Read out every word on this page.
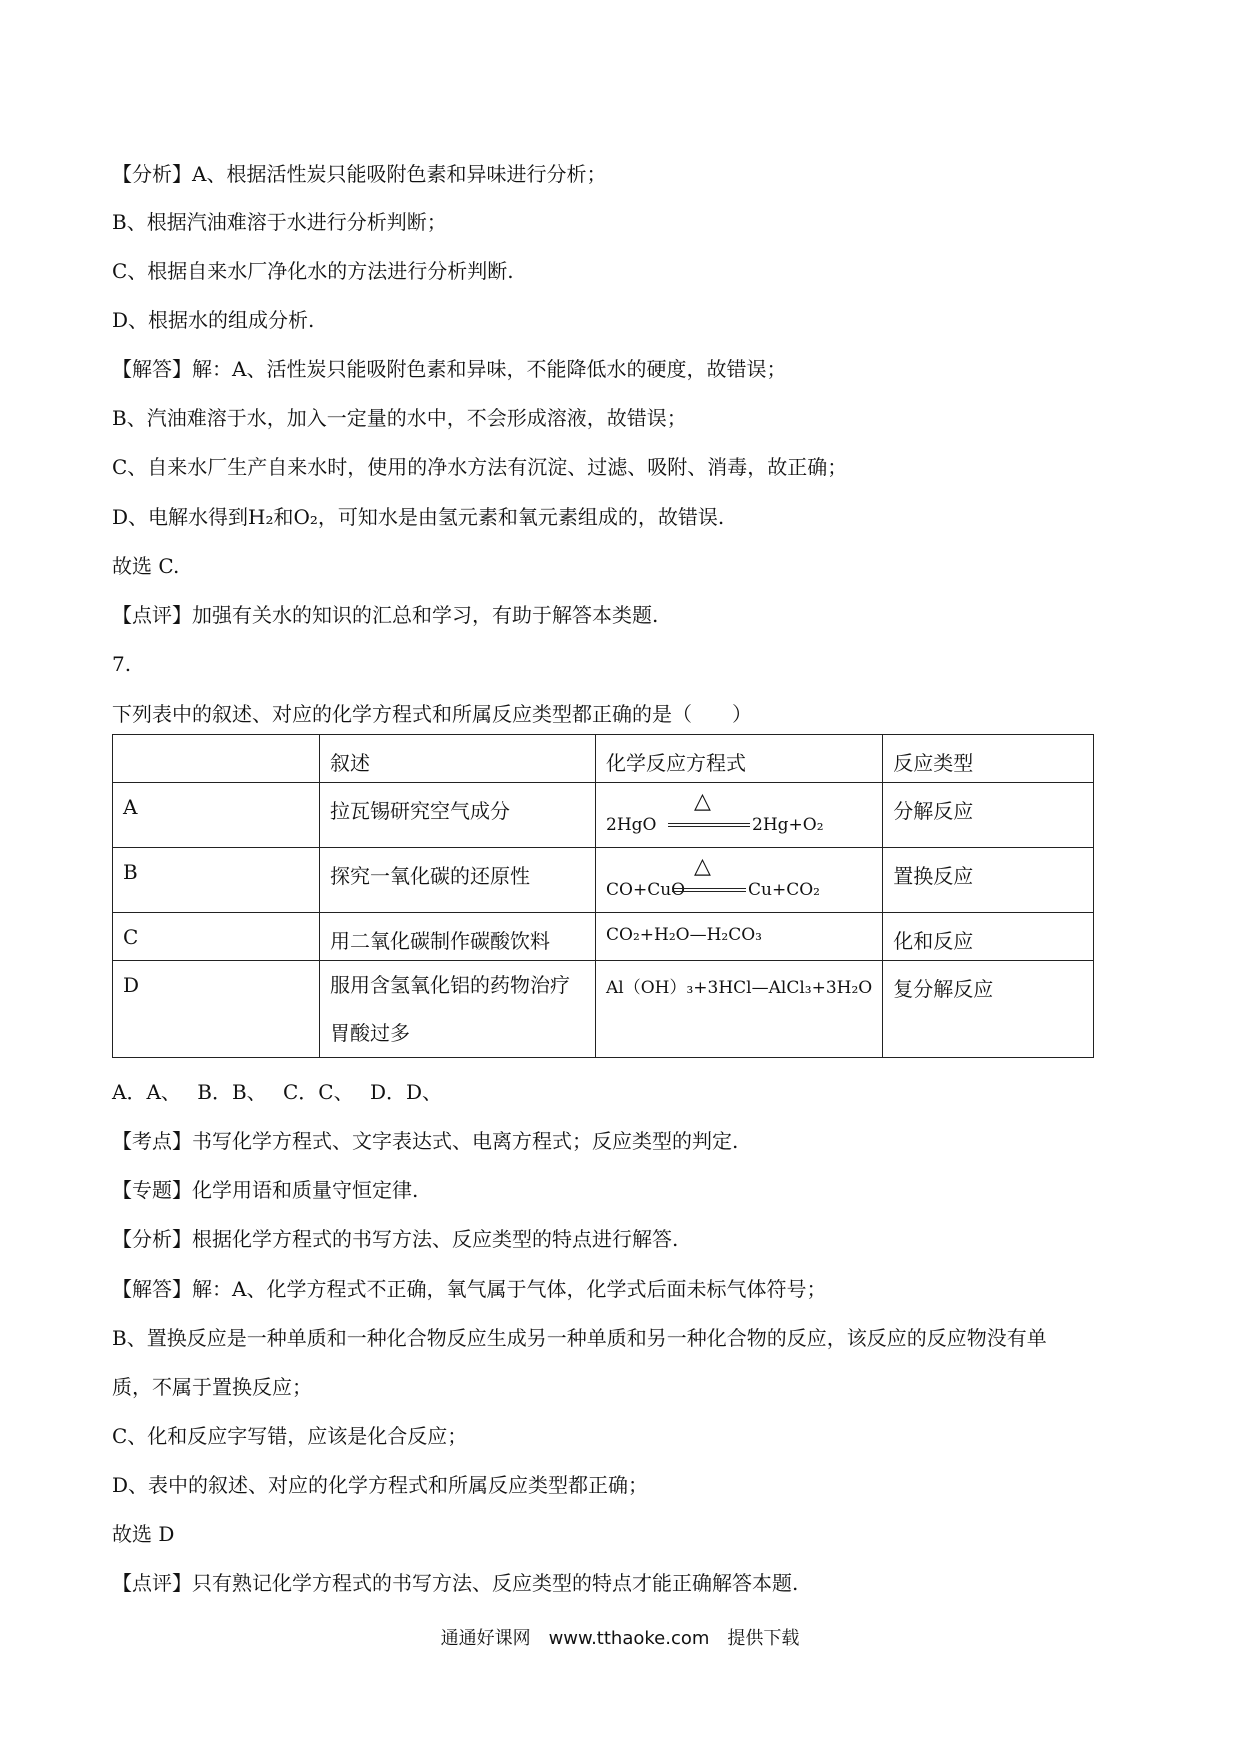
【分析】A、根据活性炭只能吸附色素和异味进行分析；
B、根据汽油难溶于水进行分析判断；
C、根据自来水厂净化水的方法进行分析判断.
D、根据水的组成分析.
【解答】解：A、活性炭只能吸附色素和异味，不能降低水的硬度，故错误；
B、汽油难溶于水，加入一定量的水中，不会形成溶液，故错误；
C、自来水厂生产自来水时，使用的净水方法有沉淀、过滤、吸附、消毒，故正确；
D、电解水得到H₂和O₂，可知水是由氢元素和氧元素组成的，故错误.
故选 C.
【点评】加强有关水的知识的汇总和学习，有助于解答本类题.
7.
下列表中的叙述、对应的化学方程式和所属反应类型都正确的是（　　）
	叙述	化学反应方程式	反应类型
A	拉瓦锡研究空气成分	2HgO
△
2Hg+O₂	分解反应
B	探究一氧化碳的还原性	CO+CuO
△
Cu+CO₂	置换反应
C	用二氧化碳制作碳酸饮料	CO₂+H₂O—H₂CO₃	化和反应
D	服用含氢氧化铝的药物治疗
胃酸过多	Al（OH）₃+3HCl—AlCl₃+3H₂O	复分解反应
A．A、　 B．B、　 C．C、　 D．D、
【考点】书写化学方程式、文字表达式、电离方程式；反应类型的判定.
【专题】化学用语和质量守恒定律.
【分析】根据化学方程式的书写方法、反应类型的特点进行解答.
【解答】解：A、化学方程式不正确，氧气属于气体，化学式后面未标气体符号；
B、置换反应是一种单质和一种化合物反应生成另一种单质和另一种化合物的反应，该反应的反应物没有单
质，不属于置换反应；
C、化和反应字写错，应该是化合反应；
D、表中的叙述、对应的化学方程式和所属反应类型都正确；
故选 D
【点评】只有熟记化学方程式的书写方法、反应类型的特点才能正确解答本题.
通通好课网　www.tthaoke.com　提供下载
